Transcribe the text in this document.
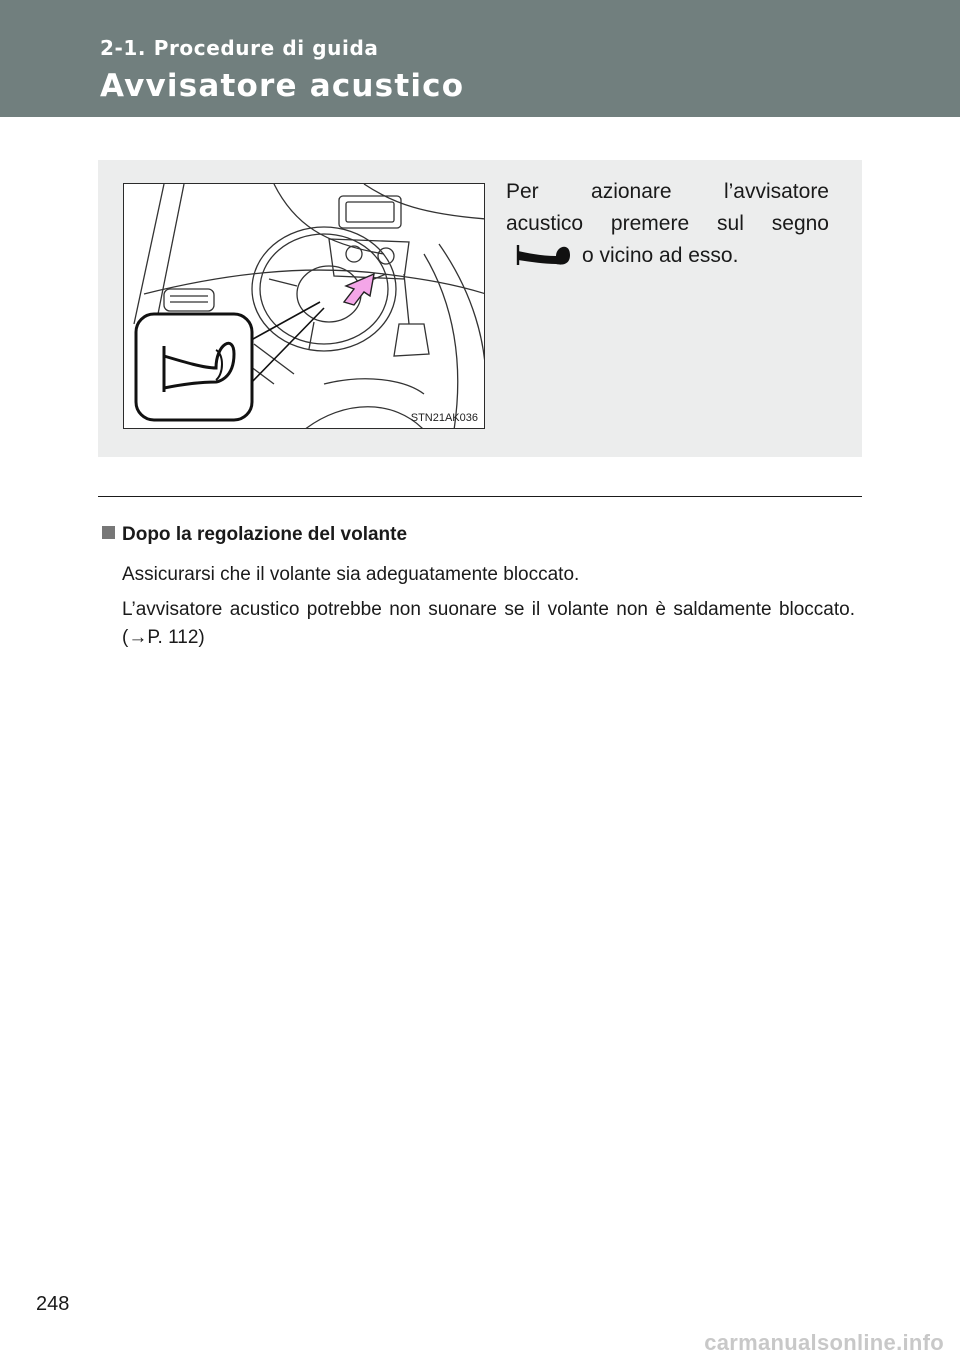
2-1. Procedure di guida
Avvisatore acustico
STN21AK036
Per azionare l’avvisatore
acustico premere sul segno
o vicino ad esso.
Dopo la regolazione del volante
Assicurarsi che il volante sia adeguatamente bloccato.
L’avvisatore acustico potrebbe non suonare se il volante non è saldamente bloccato. (→P. 112)
248
carmanualsonline.info
